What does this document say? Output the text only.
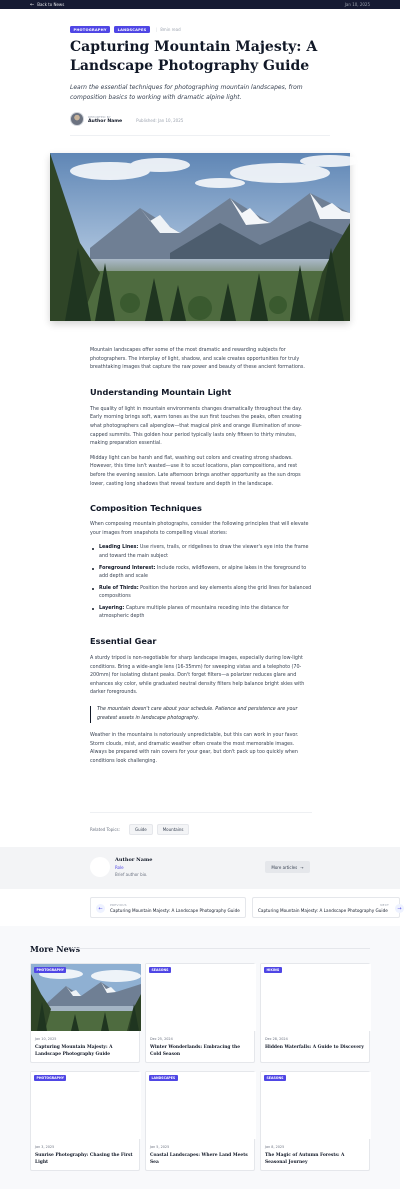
← Back to News	Jan 10, 2025
PHOTOGRAPHY	LANDSCAPES	| 8min read
Capturing Mountain Majesty: A Landscape Photography Guide

Learn the essential techniques for photographing mountain landscapes, from composition basics to working with dramatic alpine light.

REPORTED BY
Author Name	Published: Jan 10, 2025

Mountain landscapes offer some of the most dramatic and rewarding subjects for photographers. The interplay of light, shadow, and scale creates opportunities for truly breathtaking images that capture the raw power and beauty of these ancient formations.

Understanding Mountain Light

The quality of light in mountain environments changes dramatically throughout the day. Early morning brings soft, warm tones as the sun first touches the peaks, often creating what photographers call alpenglow—that magical pink and orange illumination of snow-capped summits. This golden hour period typically lasts only fifteen to thirty minutes, making preparation essential.

Midday light can be harsh and flat, washing out colors and creating strong shadows. However, this time isn't wasted—use it to scout locations, plan compositions, and rest before the evening session. Late afternoon brings another opportunity as the sun drops lower, casting long shadows that reveal texture and depth in the landscape.

Composition Techniques

When composing mountain photographs, consider the following principles that will elevate your images from snapshots to compelling visual stories:

Leading Lines: Use rivers, trails, or ridgelines to draw the viewer's eye into the frame and toward the main subject
Foreground Interest: Include rocks, wildflowers, or alpine lakes in the foreground to add depth and scale
Rule of Thirds: Position the horizon and key elements along the grid lines for balanced compositions
Layering: Capture multiple planes of mountains receding into the distance for atmospheric depth
Essential Gear

A sturdy tripod is non-negotiable for sharp landscape images, especially during low-light conditions. Bring a wide-angle lens (16-35mm) for sweeping vistas and a telephoto (70-200mm) for isolating distant peaks. Don't forget filters—a polarizer reduces glare and enhances sky color, while graduated neutral density filters help balance bright skies with darker foregrounds.

The mountain doesn't care about your schedule. Patience and persistence are your greatest assets in landscape photography.

Weather in the mountains is notoriously unpredictable, but this can work in your favor. Storm clouds, mist, and dramatic weather often create the most memorable images. Always be prepared with rain covers for your gear, but don't pack up too quickly when conditions look challenging.

Related Topics:	Guide	Mountains
Author Name
Role
Brief author bio.
More articles →
←
PREVIOUS
Capturing Mountain Majesty: A Landscape Photography Guide
NEXT
Capturing Mountain Majesty: A Landscape Photography Guide	→
More News
PHOTOGRAPHY
Jan 10, 2025
Capturing Mountain Majesty: A Landscape Photography Guide
SEASONS
Dec 25, 2024
Winter Wonderlands: Embracing the Cold Season
HIKING
Dec 28, 2024
Hidden Waterfalls: A Guide to Discovery
PHOTOGRAPHY
Jan 3, 2025
Sunrise Photography: Chasing the First Light
LANDSCAPES
Jan 5, 2025
Coastal Landscapes: Where Land Meets Sea
SEASONS
Jan 8, 2025
The Magic of Autumn Forests: A Seasonal Journey
